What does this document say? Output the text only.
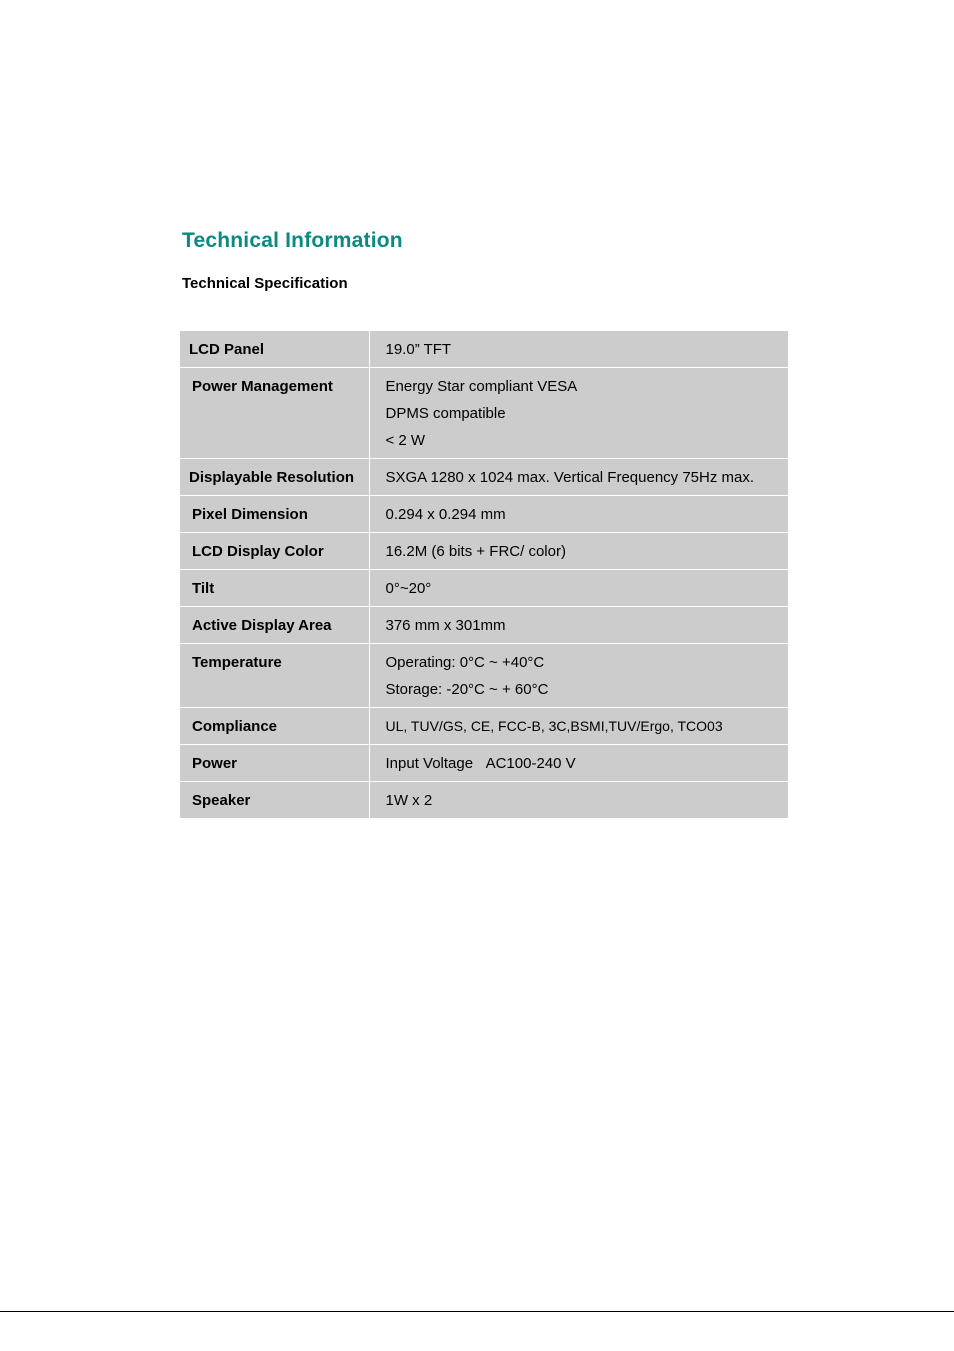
Technical Information
Technical Specification
LCD Panel	19.0” TFT

Power Management	Energy Star compliant VESA
DPMS compatible
< 2 W

Displayable Resolution	SXGA 1280 x 1024 max. Vertical Frequency 75Hz max.

Pixel Dimension	0.294 x 0.294 mm

LCD Display Color	16.2M (6 bits + FRC/ color)

Tilt	0°~20°

Active Display Area	376 mm x 301mm

Temperature	Operating: 0°C ~ +40°C
Storage: -20°C ~ + 60°C

Compliance	UL, TUV/GS, CE, FCC-B, 3C,BSMI,TUV/Ergo, TCO03

Power	Input Voltage   AC100-240 V

Speaker	1W x 2
